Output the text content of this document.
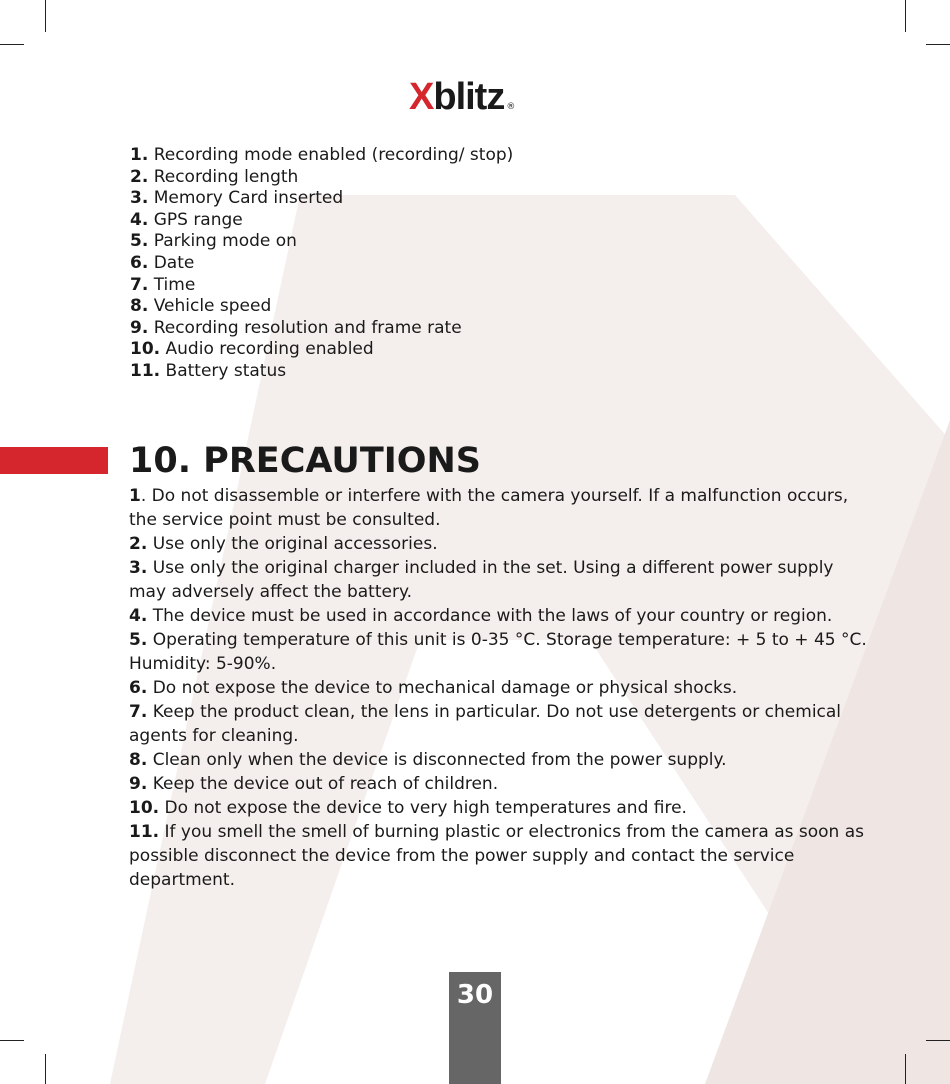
X blitz ®
1. Recording mode enabled (recording/ stop)
2. Recording length
3. Memory Card inserted
4. GPS range
5. Parking mode on
6. Date
7. Time
8. Vehicle speed
9. Recording resolution and frame rate
10. Audio recording enabled
11. Battery status
10. PRECAUTIONS
1. Do not disassemble or interfere with the camera yourself. If a malfunction occurs, the service point must be consulted.
2. Use only the original accessories.
3. Use only the original charger included in the set. Using a different power supply may adversely affect the battery.
4. The device must be used in accordance with the laws of your country or region.
5. Operating temperature of this unit is 0-35 °C. Storage temperature: + 5 to + 45 °C. Humidity: 5-90%.
6. Do not expose the device to mechanical damage or physical shocks.
7. Keep the product clean, the lens in particular. Do not use detergents or chemical agents for cleaning.
8. Clean only when the device is disconnected from the power supply.
9. Keep the device out of reach of children.
10. Do not expose the device to very high temperatures and fire.
11. If you smell the smell of burning plastic or electronics from the camera as soon as possible disconnect the device from the power supply and contact the service department.
30
